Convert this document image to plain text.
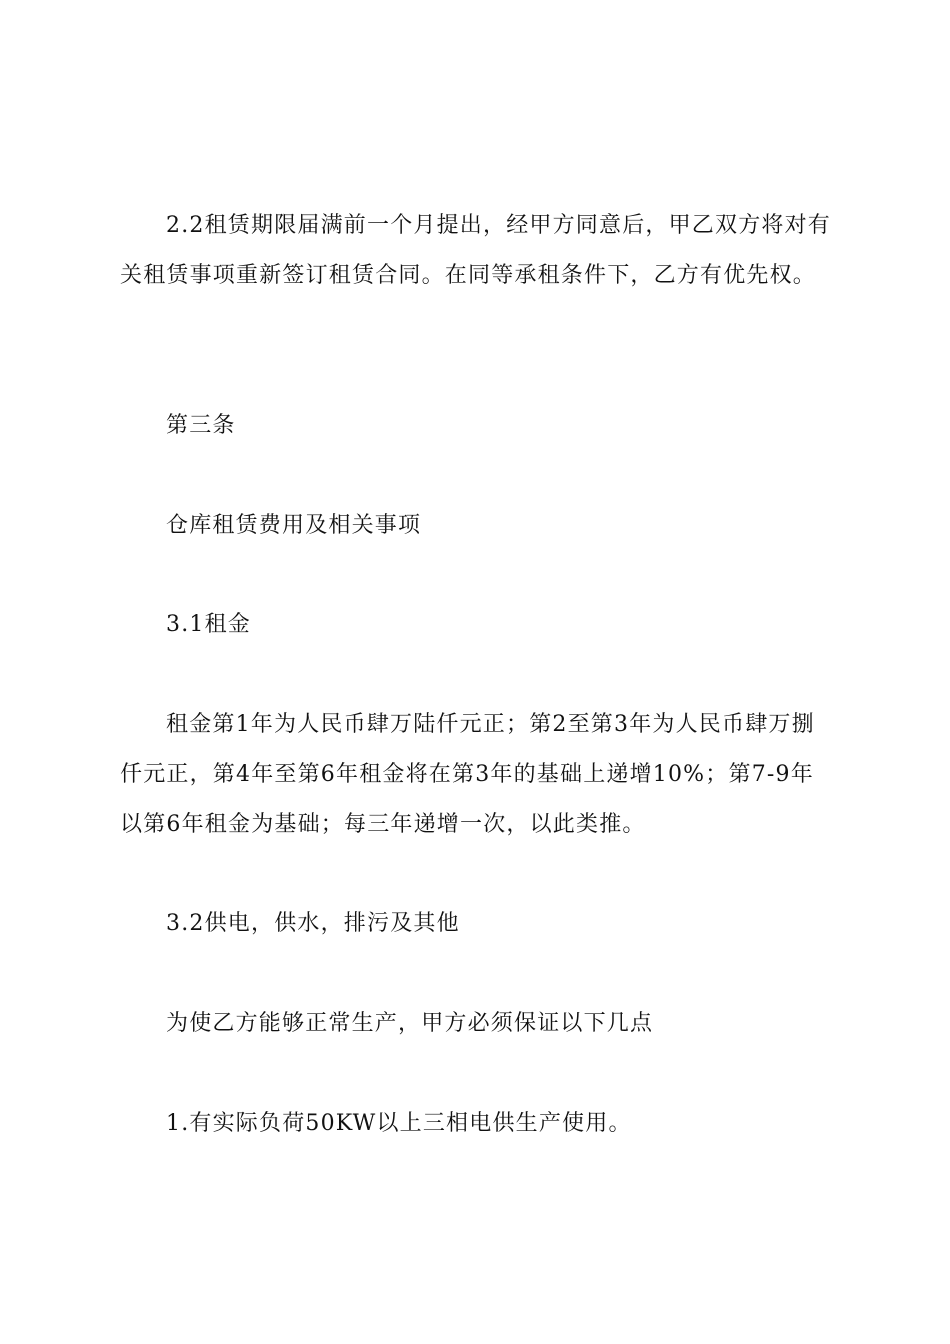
2.2租赁期限届满前一个月提出，经甲方同意后，甲乙双方将对有关租赁事项重新签订租赁合同。在同等承租条件下，乙方有优先权。

第三条

仓库租赁费用及相关事项

3.1租金

租金第1年为人民币肆万陆仟元正；第2至第3年为人民币肆万捌仟元正，第4年至第6年租金将在第3年的基础上递增10%；第7-9年以第6年租金为基础；每三年递增一次，以此类推。

3.2供电，供水，排污及其他

为使乙方能够正常生产，甲方必须保证以下几点

1.有实际负荷50KW以上三相电供生产使用。
